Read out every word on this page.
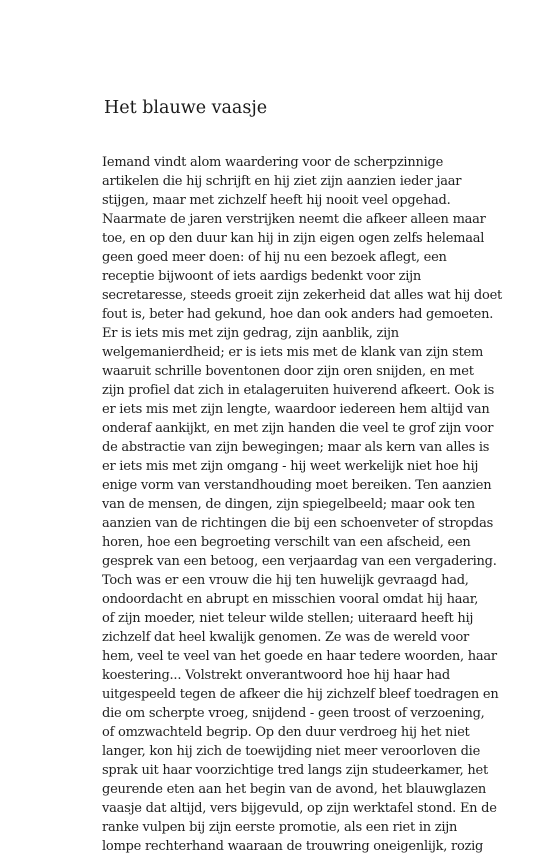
Het blauwe vaasje
Iemand vindt alom waardering voor de scherpzinnige
artikelen die hij schrijft en hij ziet zijn aanzien ieder jaar
stijgen, maar met zichzelf heeft hij nooit veel opgehad.
Naarmate de jaren verstrijken neemt die afkeer alleen maar
toe, en op den duur kan hij in zijn eigen ogen zelfs helemaal
geen goed meer doen: of hij nu een bezoek aflegt, een
receptie bijwoont of iets aardigs bedenkt voor zijn
secretaresse, steeds groeit zijn zekerheid dat alles wat hij doet
fout is, beter had gekund, hoe dan ook anders had gemoeten.
Er is iets mis met zijn gedrag, zijn aanblik, zijn
welgemanierdheid; er is iets mis met de klank van zijn stem
waaruit schrille boventonen door zijn oren snijden, en met
zijn profiel dat zich in etalageruiten huiverend afkeert. Ook is
er iets mis met zijn lengte, waardoor iedereen hem altijd van
onderaf aankijkt, en met zijn handen die veel te grof zijn voor
de abstractie van zijn bewegingen; maar als kern van alles is
er iets mis met zijn omgang - hij weet werkelijk niet hoe hij
enige vorm van verstandhouding moet bereiken. Ten aanzien
van de mensen, de dingen, zijn spiegelbeeld; maar ook ten
aanzien van de richtingen die bij een schoenveter of stropdas
horen, hoe een begroeting verschilt van een afscheid, een
gesprek van een betoog, een verjaardag van een vergadering.
Toch was er een vrouw die hij ten huwelijk gevraagd had,
ondoordacht en abrupt en misschien vooral omdat hij haar,
of zijn moeder, niet teleur wilde stellen; uiteraard heeft hij
zichzelf dat heel kwalijk genomen. Ze was de wereld voor
hem, veel te veel van het goede en haar tedere woorden, haar
koestering... Volstrekt onverantwoord hoe hij haar had
uitgespeeld tegen de afkeer die hij zichzelf bleef toedragen en
die om scherpte vroeg, snijdend - geen troost of verzoening,
of omzwachteld begrip. Op den duur verdroeg hij het niet
langer, kon hij zich de toewijding niet meer veroorloven die
sprak uit haar voorzichtige tred langs zijn studeerkamer, het
geurende eten aan het begin van de avond, het blauwglazen
vaasje dat altijd, vers bijgevuld, op zijn werktafel stond. En de
ranke vulpen bij zijn eerste promotie, als een riet in zijn
lompe rechterhand waaraan de trouwring oneigenlijk, rozig
